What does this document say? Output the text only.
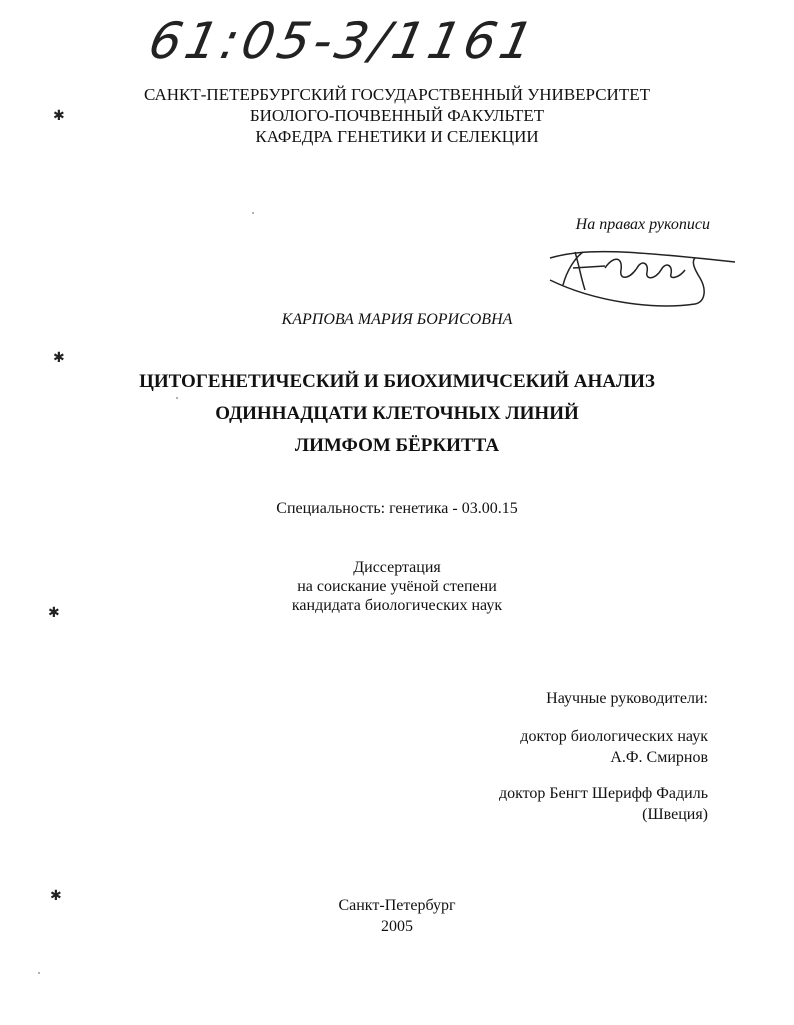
61:05-3/1161
САНКТ-ПЕТЕРБУРГСКИЙ ГОСУДАРСТВЕННЫЙ УНИВЕРСИТЕТ
БИОЛОГО-ПОЧВЕННЫЙ ФАКУЛЬТЕТ
КАФЕДРА ГЕНЕТИКИ И СЕЛЕКЦИИ
На правах рукописи
КАРПОВА МАРИЯ БОРИСОВНА
ЦИТОГЕНЕТИЧЕСКИЙ И БИОХИМИЧСЕКИЙ АНАЛИЗ
ОДИННАДЦАТИ КЛЕТОЧНЫХ ЛИНИЙ
ЛИМФОМ БЁРКИТТА
Специальность: генетика - 03.00.15
Диссертация
на соискание учёной степени
кандидата биологических наук
Научные руководители:
доктор биологических наук
А.Ф. Смирнов
доктор Бенгт Шерифф Фадиль
(Швеция)
Санкт-Петербург
2005
✱
✱
✱
✱
